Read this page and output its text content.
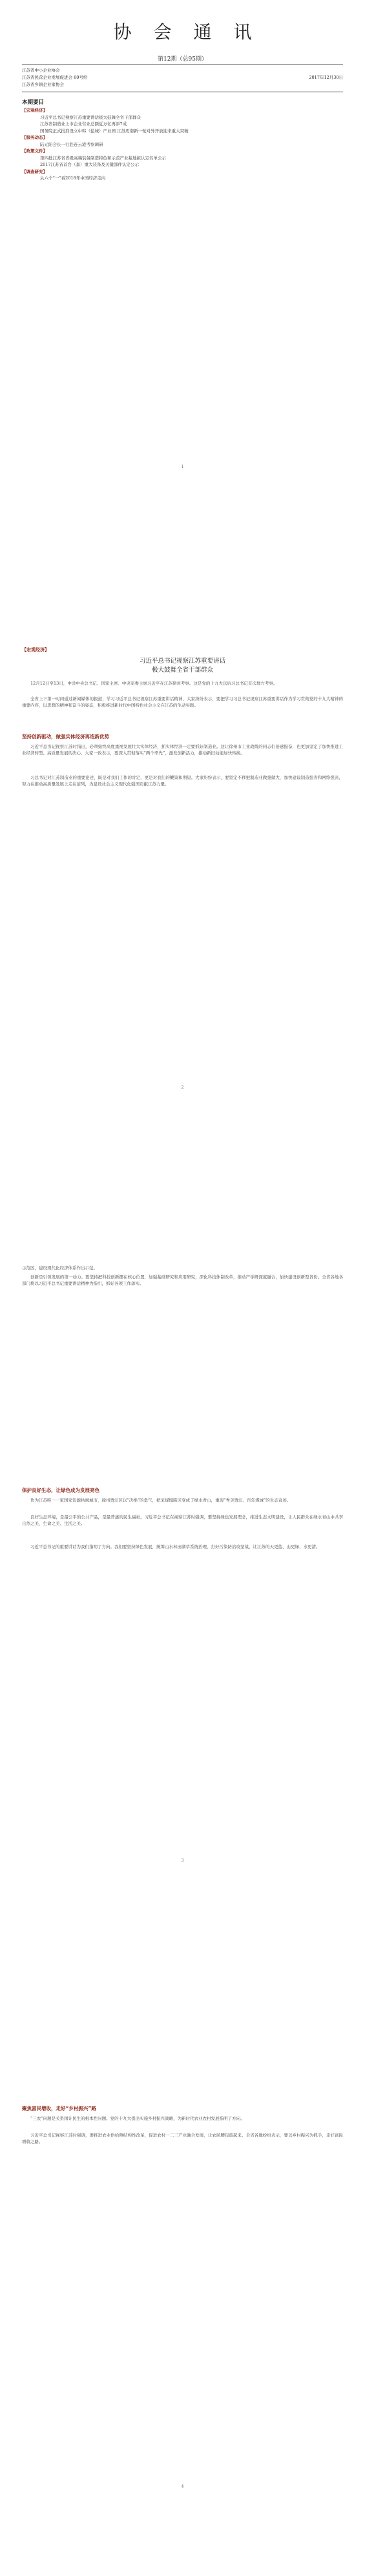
协会通讯
第12期（总95期）
江苏省中小企业协会
江苏省民营企业发展促进会 60号给
江苏省乡镇企业家协会
2017年12月30日
本期要目
【宏观经济】
习近平总书记视察江苏重要讲话极大鼓舞全省干部群众
江苏省制造业上市企业营业总额近万亿再添7成
国务院正式批准设立中韩（盐城）产业园 江苏迈南新一轮对外开放迎来重大突破
【服务动态】
陆元阳会长一行赴连云港考察调研
【政策文件】
第四批江苏省省级高端装备制造特色和示范产业基地拟认定名单公示
2017江苏省首台（套）重大装备及关键部件认定公示
【调查研究】
从六个“一”看2018年中国经济走向
1
【宏观经济】
习近平总书记视察江苏重要讲话
极大鼓舞全省干部群众
12月12日至13日，中共中央总书记、国家主席、中央军委主席习近平在江苏徐州考察。这是党的十九大以后习总书记首次地方考察。
全省上下第一时间通过新闻媒体的报道，学习习近平总书记视察江苏重要讲话精神，大家纷纷表示，要把学习习总书记视察江苏重要讲话作为学习贯彻党的十九大精神的重要内容，以思想的精神和奋斗的姿态，积极推进新时代中国特色社会主义在江苏的生动实践。
坚持创新驱动，做强实体经济再造新优势
习近平总书记视察江苏时指出，必须始终高度重视发展壮大实体经济，抓实体经济一定要抓好制造业。这让徐州市工业战线的同志们倍感振奋，也更加坚定了加快推进工业经济转型、高质量发展的决心。大家一致表示，要深入贯彻落实“两个率先”，激发创新活力，推动新旧动能加快转换。
习总书记对江苏制造业的重要论述，既是对我们工作的肯定，更是对我们的鞭策和期望。大家纷纷表示，要坚定不移把制造业做强做大，加快建设制造强省和网络强省，努力在推动高质量发展上走在前列，为建设社会主义现代化强国贡献江苏力量。
2
示范区，建设现代化经济体系作出示范。
创新是引领发展的第一动力。要坚持把科技创新摆在核心位置，加强基础研究和应用研究，深化科技体制改革，推动产学研深度融合，加快建设创新型省份。全省各地各部门将以习近平总书记重要讲话精神为指引，抓好各项工作落实。
保护良好生态，让绿色成为发展亮色
作为江苏唯一一家国家资源枯竭城市，徐州贾汪区以“决绝”的勇气，把采煤塌陷区变成了绿水青山，重现“秀美贾汪、百年煤城”的生态奇迹。
良好生态环境，是最公平的公共产品，是最普惠的民生福祉。习近平总书记在视察江苏时强调，要坚持绿色发展理念，推进生态文明建设，让人民群众在绿水青山中共享自然之美、生命之美、生活之美。
习近平总书记的重要讲话为我们指明了方向。我们要坚持绿色发展，统筹山水林田湖草系统治理，打好污染防治攻坚战，让江苏的天更蓝、山更绿、水更清。
3
聚焦富民增收，走好“乡村振兴”路
“三农”问题是关系国计民生的根本性问题。党的十九大提出实施乡村振兴战略，为新时代农业农村发展指明了方向。
习近平总书记视察江苏时强调，要推进农业供给侧结构性改革，促进农村一二三产业融合发展，让农民腰包鼓起来。全省各地纷纷表示，要以乡村振兴为抓手，走好富民增收之路。
4
